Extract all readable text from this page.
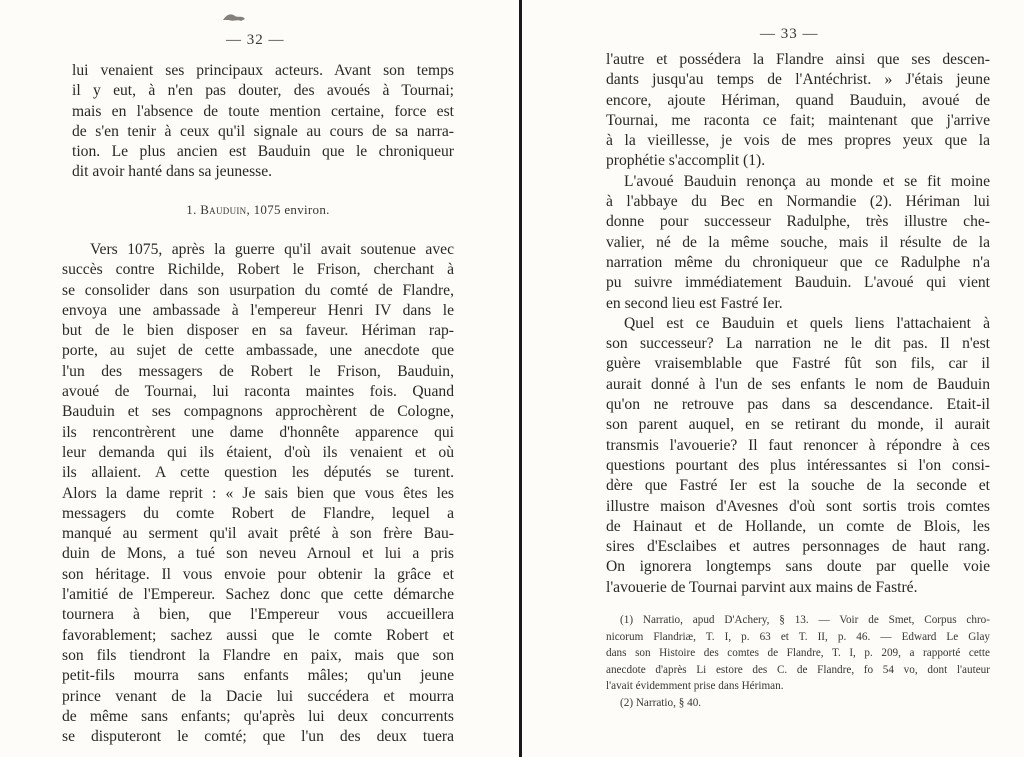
— 32 —	— 33 —
lui venaient ses principaux acteurs. Avant son temps
il y eut, à n'en pas douter, des avoués à Tournai;
mais en l'absence de toute mention certaine, force est
de s'en tenir à ceux qu'il signale au cours de sa narra-
tion. Le plus ancien est Bauduin que le chroniqueur
dit avoir hanté dans sa jeunesse.
1. Bauduin, 1075 environ.
Vers 1075, après la guerre qu'il avait soutenue avec
succès contre Richilde, Robert le Frison, cherchant à
se consolider dans son usurpation du comté de Flandre,
envoya une ambassade à l'empereur Henri IV dans le
but de le bien disposer en sa faveur. Hériman rap-
porte, au sujet de cette ambassade, une anecdote que
l'un des messagers de Robert le Frison, Bauduin,
avoué de Tournai, lui raconta maintes fois. Quand
Bauduin et ses compagnons approchèrent de Cologne,
ils rencontrèrent une dame d'honnête apparence qui
leur demanda qui ils étaient, d'où ils venaient et où
ils allaient. A cette question les députés se turent.
Alors la dame reprit : « Je sais bien que vous êtes les
messagers du comte Robert de Flandre, lequel a
manqué au serment qu'il avait prêté à son frère Bau-
duin de Mons, a tué son neveu Arnoul et lui a pris
son héritage. Il vous envoie pour obtenir la grâce et
l'amitié de l'Empereur. Sachez donc que cette démarche
tournera à bien, que l'Empereur vous accueillera
favorablement; sachez aussi que le comte Robert et
son fils tiendront la Flandre en paix, mais que son
petit-fils mourra sans enfants mâles; qu'un jeune
prince venant de la Dacie lui succédera et mourra
de même sans enfants; qu'après lui deux concurrents
se disputeront le comté; que l'un des deux tuera
l'autre et possédera la Flandre ainsi que ses descen-
dants jusqu'au temps de l'Antéchrist. » J'étais jeune
encore, ajoute Hériman, quand Bauduin, avoué de
Tournai, me raconta ce fait; maintenant que j'arrive
à la vieillesse, je vois de mes propres yeux que la
prophétie s'accomplit (1).
L'avoué Bauduin renonça au monde et se fit moine
à l'abbaye du Bec en Normandie (2). Hériman lui
donne pour successeur Radulphe, très illustre che-
valier, né de la même souche, mais il résulte de la
narration même du chroniqueur que ce Radulphe n'a
pu suivre immédiatement Bauduin. L'avoué qui vient
en second lieu est Fastré Ier.
Quel est ce Bauduin et quels liens l'attachaient à
son successeur? La narration ne le dit pas. Il n'est
guère vraisemblable que Fastré fût son fils, car il
aurait donné à l'un de ses enfants le nom de Bauduin
qu'on ne retrouve pas dans sa descendance. Etait-il
son parent auquel, en se retirant du monde, il aurait
transmis l'avouerie? Il faut renoncer à répondre à ces
questions pourtant des plus intéressantes si l'on consi-
dère que Fastré Ier est la souche de la seconde et
illustre maison d'Avesnes d'où sont sortis trois comtes
de Hainaut et de Hollande, un comte de Blois, les
sires d'Esclaibes et autres personnages de haut rang.
On ignorera longtemps sans doute par quelle voie
l'avouerie de Tournai parvint aux mains de Fastré.
(1) Narratio, apud D'Achery, § 13. — Voir de Smet, Corpus chro-
nicorum Flandriæ, T. I, p. 63 et T. II, p. 46. — Edward Le Glay
dans son Histoire des comtes de Flandre, T. I, p. 209, a rapporté cette
anecdote d'après Li estore des C. de Flandre, fo 54 vo, dont l'auteur
l'avait évidemment prise dans Hériman.
(2) Narratio, § 40.
